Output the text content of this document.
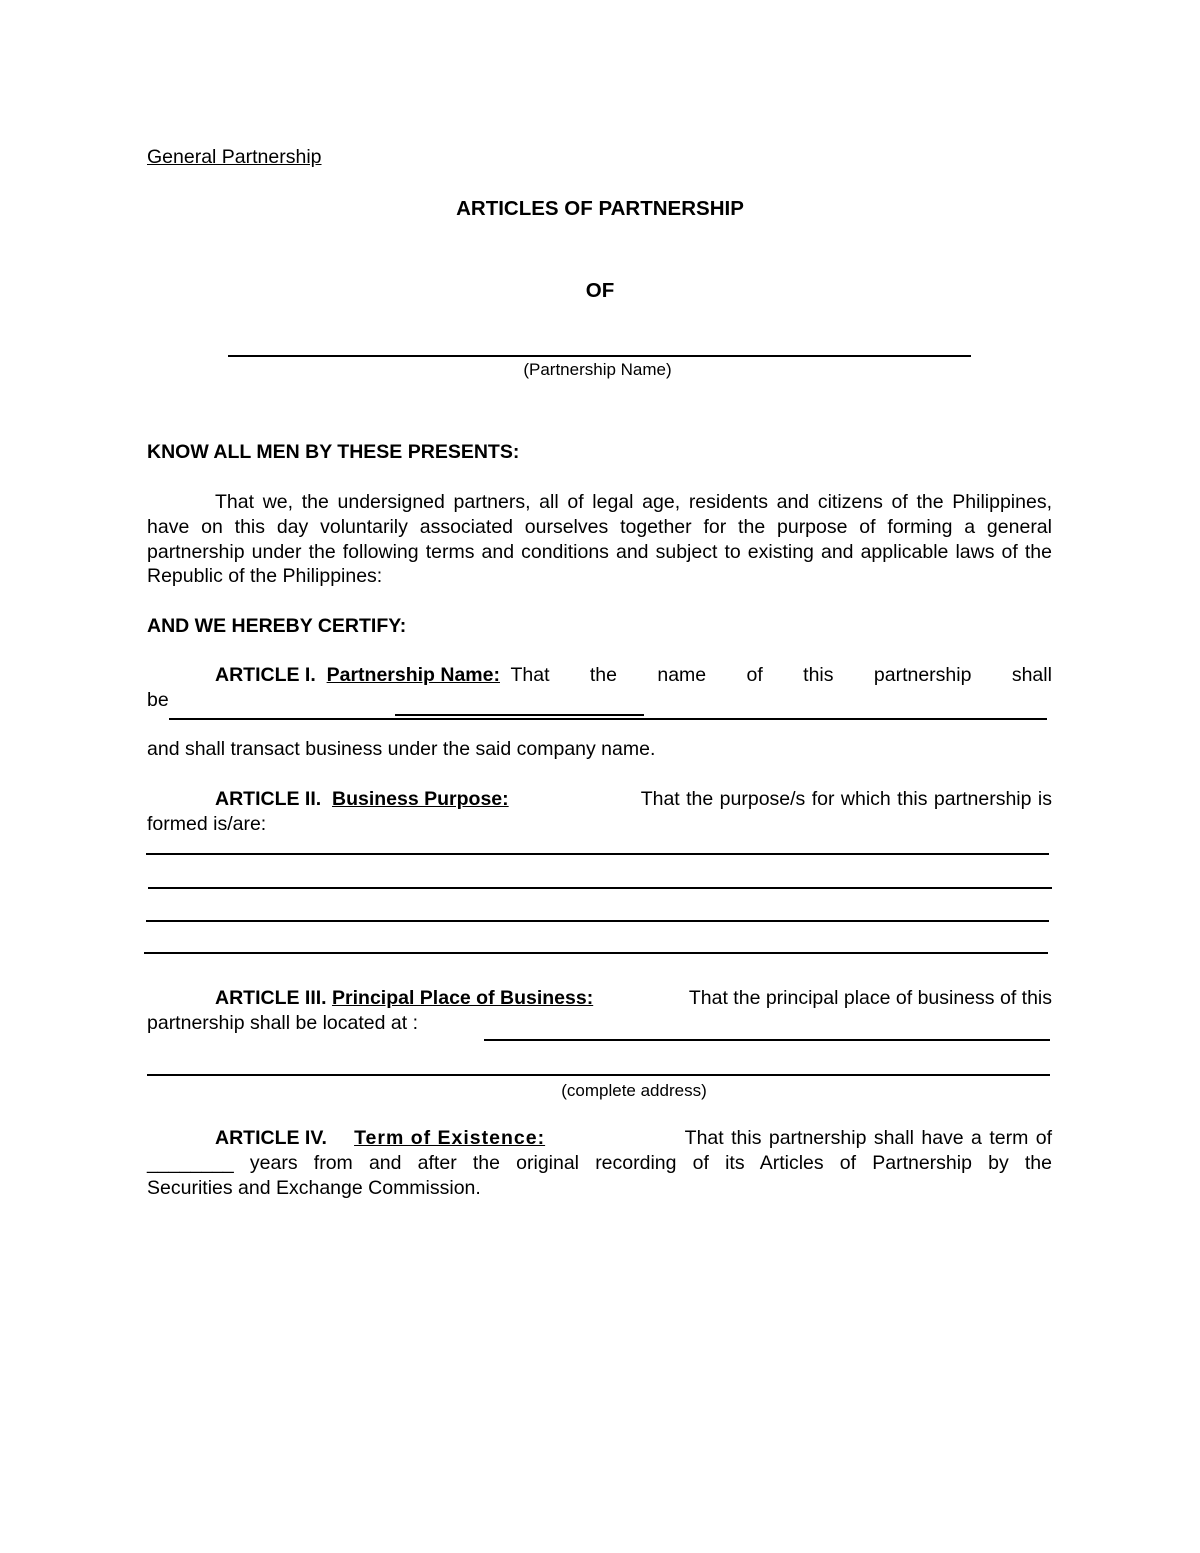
General Partnership
ARTICLES OF PARTNERSHIP
OF
(Partnership Name)
KNOW ALL MEN BY THESE PRESENTS:
That we, the undersigned partners, all of legal age, residents and citizens of the Philippines, have on this day voluntarily associated ourselves together for the purpose of forming a general partnership under the following terms and conditions and subject to existing and applicable laws of the Republic of the Philippines:
AND WE HEREBY CERTIFY:
ARTICLE I. Partnership Name: That the name of this partnership shall
be
and shall transact business under the said company name.
ARTICLE II. Business Purpose:	That the purpose/s for which this partnership is
formed is/are:
ARTICLE III. Principal Place of Business:	That the principal place of business of this
partnership shall be located at :
(complete address)
ARTICLE IV. Term of Existence:	That this partnership shall have a term of
________ years from and after the original recording of its Articles of Partnership by the
Securities and Exchange Commission.
